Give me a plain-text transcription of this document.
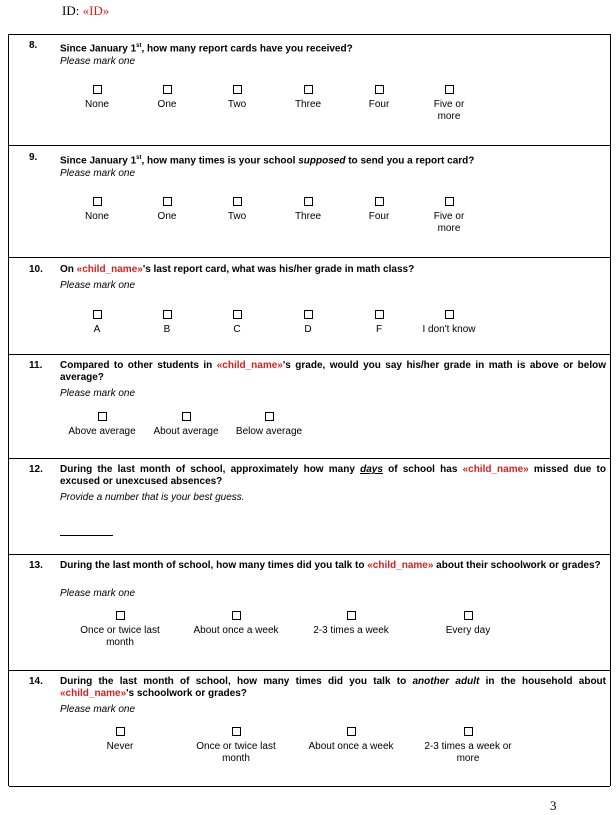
ID: «ID»
8. Since January 1st, how many report cards have you received?
Please mark one
None	One	Two	Three	Four	Five or more
9. Since January 1st, how many times is your school supposed to send you a report card?
Please mark one
None	One	Two	Three	Four	Five or more
10. On «child_name»'s last report card, what was his/her grade in math class?
Please mark one
A	B	C	D	F	I don't know
11. Compared to other students in «child_name»'s grade, would you say his/her grade in math is above or below average?
Please mark one
Above average	About average	Below average
12. During the last month of school, approximately how many days of school has «child_name» missed due to excused or unexcused absences?
Provide a number that is your best guess.
13. During the last month of school, how many times did you talk to «child_name» about their schoolwork or grades?
Please mark one
Once or twice last month
About once a week	2-3 times a week	Every day
14. During the last month of school, how many times did you talk to another adult in the household about «child_name»'s schoolwork or grades?
Please mark one
Never	Once or twice last month
About once a week	2-3 times a week or more
3
